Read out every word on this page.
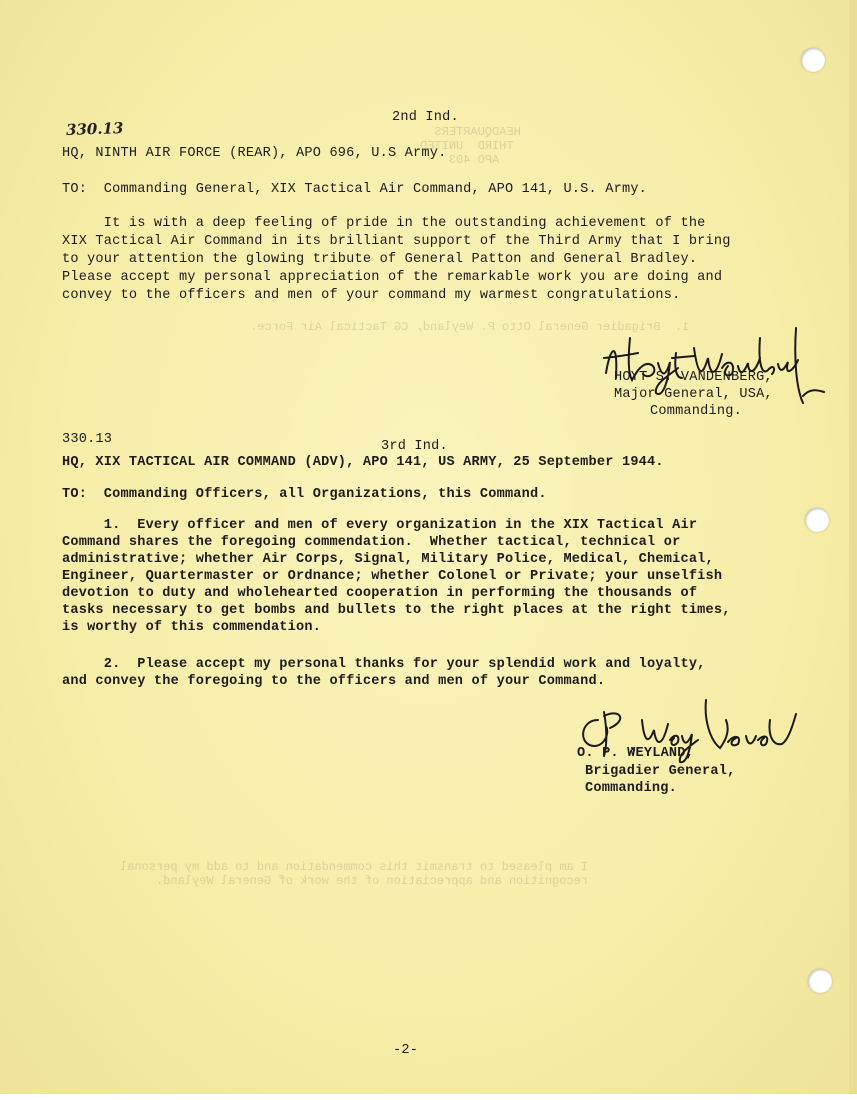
HEADQUARTERS
THIRD  UNITED
APO 403
1.  Brigadier General Otto P. Weyland, CG Tactical Air Force.
I am pleased to transmit this commendation and to add my personal
recognition and appreciation of the work of General Weyland.
330.13
2nd Ind.
HQ, NINTH AIR FORCE (REAR), APO 696, U.S Army.
TO:  Commanding General, XIX Tactical Air Command, APO 141, U.S. Army.
It is with a deep feeling of pride in the outstanding achievement of the
XIX Tactical Air Command in its brilliant support of the Third Army that I bring
to your attention the glowing tribute of General Patton and General Bradley.
Please accept my personal appreciation of the remarkable work you are doing and
convey to the officers and men of your command my warmest congratulations.
HOYT S. VANDENBERG,
Major General, USA,
Commanding.
330.13	3rd Ind.
HQ, XIX TACTICAL AIR COMMAND (ADV), APO 141, US ARMY, 25 September 1944.
TO:  Commanding Officers, all Organizations, this Command.
1.  Every officer and men of every organization in the XIX Tactical Air
Command shares the foregoing commendation.  Whether tactical, technical or
administrative; whether Air Corps, Signal, Military Police, Medical, Chemical,
Engineer, Quartermaster or Ordnance; whether Colonel or Private; your unselfish
devotion to duty and wholehearted cooperation in performing the thousands of
tasks necessary to get bombs and bullets to the right places at the right times,
is worthy of this commendation.
2.  Please accept my personal thanks for your splendid work and loyalty,
and convey the foregoing to the officers and men of your Command.
O. P. WEYLAND,
Brigadier General,
Commanding.
-2-
